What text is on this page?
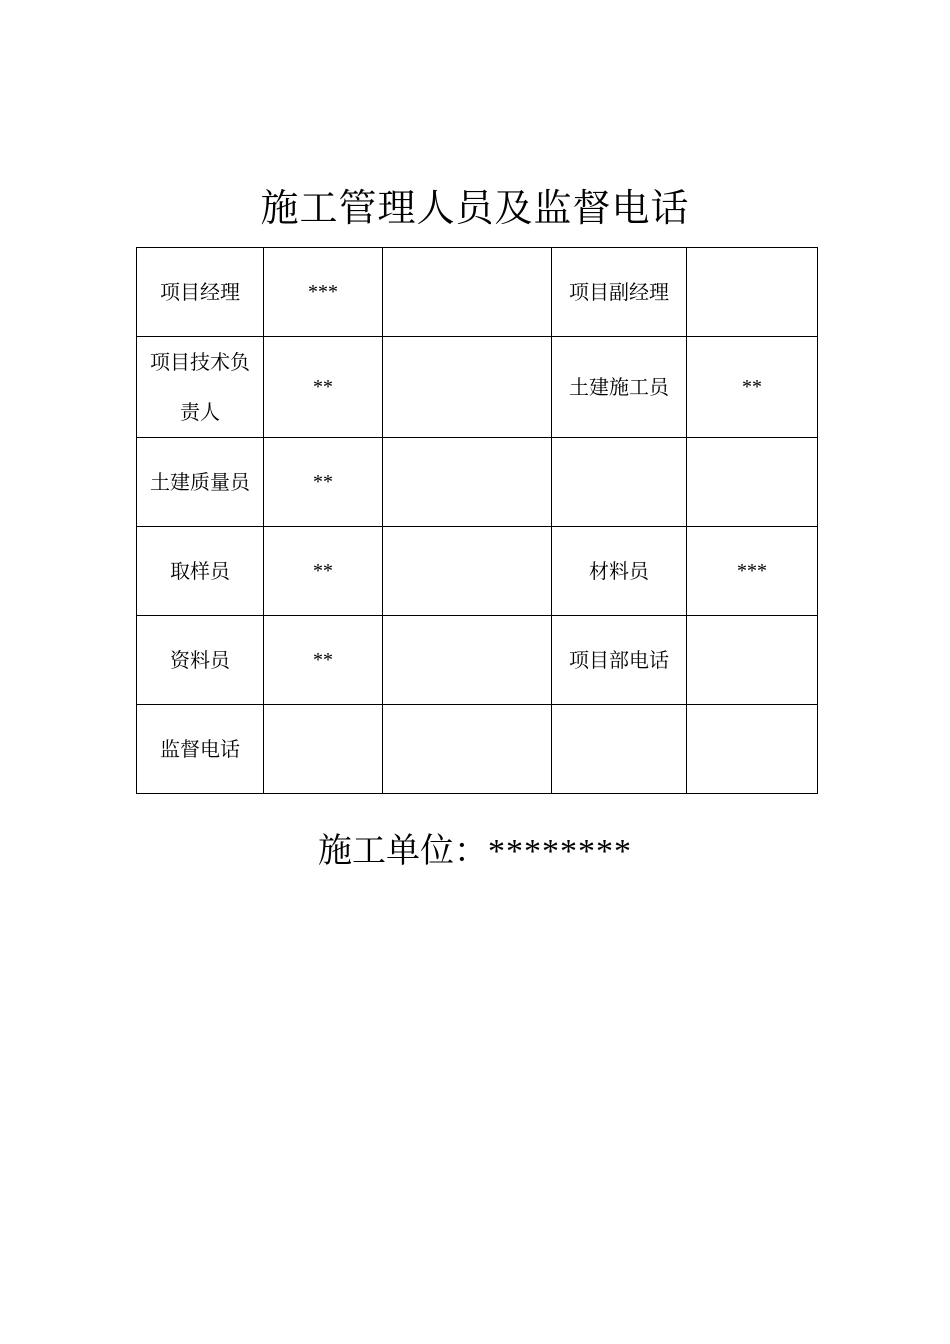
施工管理人员及监督电话
项目经理	***		项目副经理	
项目技术负责人	**		土建施工员	**
土建质量员	**			
取样员	**		材料员	***
资料员	**		项目部电话	
监督电话				
施工单位：********
